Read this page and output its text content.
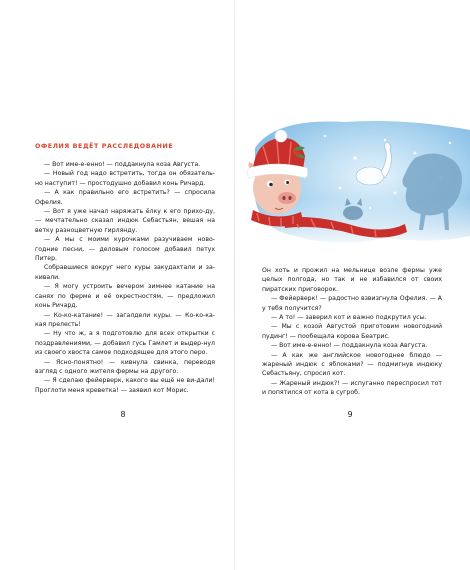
ОФЕЛИЯ ВЕДЁТ РАССЛЕДОВАНИЕ

— Вот име-е-енно! — поддакнула коза Августа.

— Новый год надо встретить, тогда он обязатель-но наступит! — простодушно добавил конь Ричард.

— А как правильно его встретить? — спросила Офелия.

— Вот я уже начал наряжать ёлку к его прихо-ду, — мечтательно сказал индюк Себастьян, вешая на ветку разноцветную гирлянду.

— А мы с моими курочками разучиваем ново-годние песни, — деловым голосом добавил петух Питер.

Собравшиеся вокруг него куры закудахтали и за-кивали.

— Я могу устроить вечером зимнее катание на санях по ферме и её окрестностям, — предложил конь Ричард.

— Ко-ко-катание! — загалдели куры. — Ко-ко-ка-кая прелесть!

— Ну что ж, а я подготовлю для всех открытки с поздравлениями, — добавил гусь Гамлет и выдер-нул из своего хвоста самое подходящее для этого перо.

— Ясно-понятно! — кивнула свинка, переводя взгляд с одного жителя фермы на другого.

— Я сделаю фейерверк, какого вы ещё не ви-дали! Проглоти меня креветка! — заявил кот Морис.

8

Он хоть и прожил на мельнице возле фермы уже целых полгода, но так и не избавился от своих пиратских приговорок.

— Фейерверк! — радостно взвизгнула Офелия. — А у тебя получится?

— А то! — заверил кот и важно подкрутил усы.

— Мы с козой Августой приготовим новогодний пудинг! — пообещала корова Беатрис.

— Вот име-е-енно! — поддакнула коза Августа.

— А как же английское новогоднее блюдо — жареный индюк с яблоками? — подмигнув индюку Себастьяну, спросил кот.

— Жареный индюк?! — испуганно переспросил тот и попятился от кота в сугроб.

9
